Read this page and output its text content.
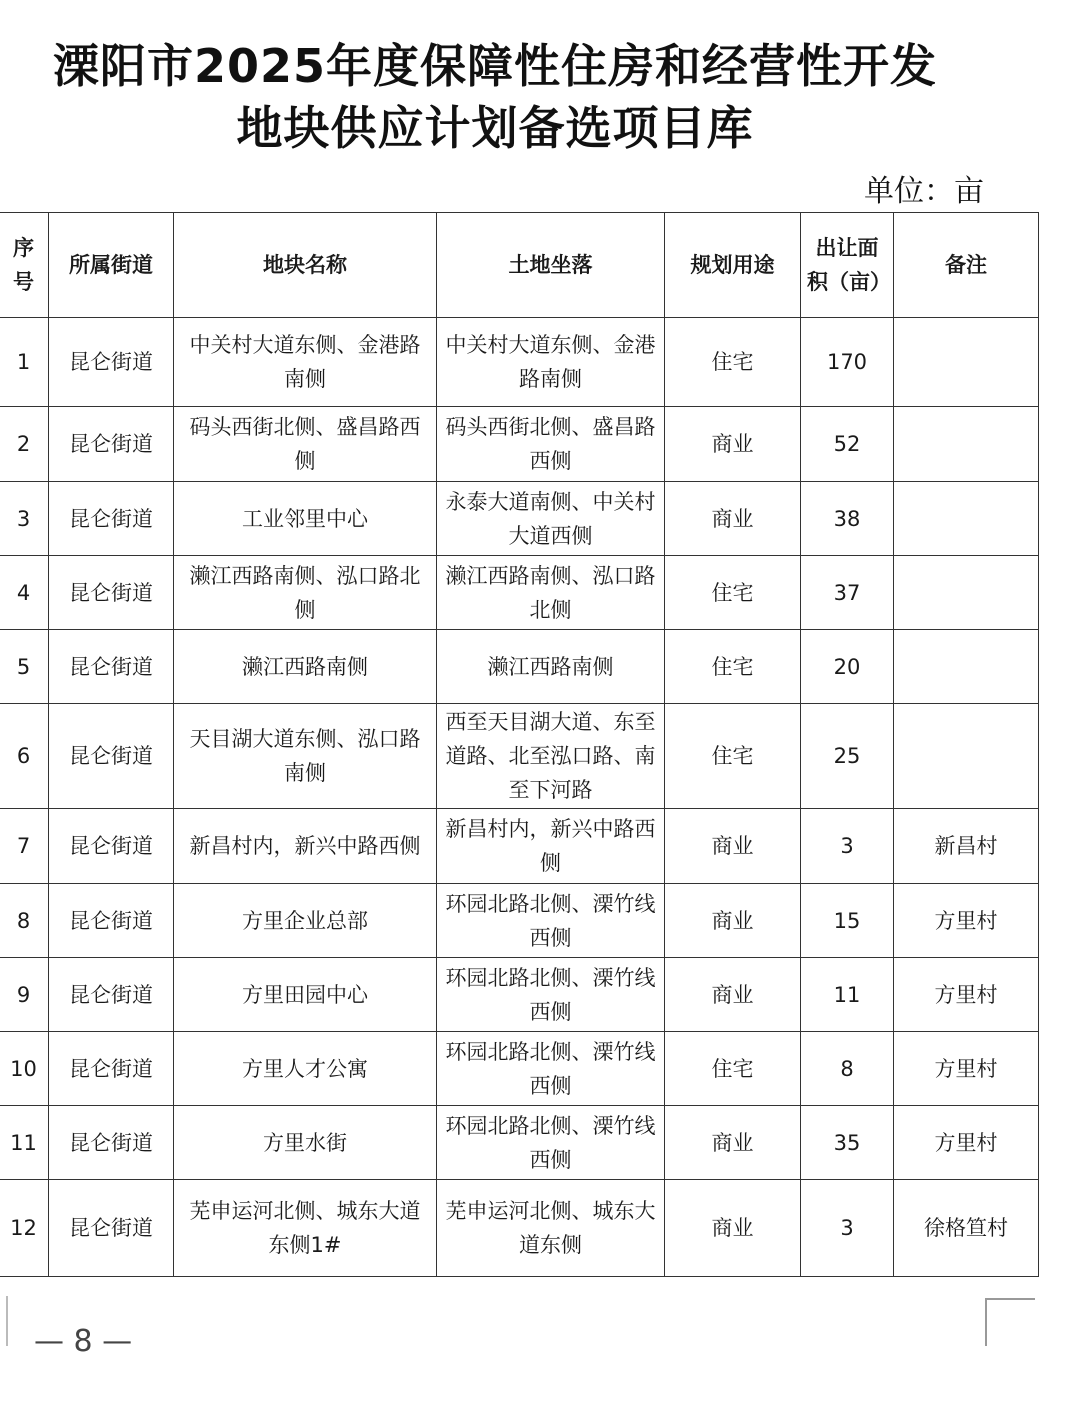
溧阳市2025年度保障性住房和经营性开发
地块供应计划备选项目库
单位：亩
序号	所属街道	地块名称	土地坐落	规划用途	出让面积（亩）	备注
1	昆仑街道	中关村大道东侧、金港路南侧	中关村大道东侧、金港路南侧	住宅	170	
2	昆仑街道	码头西街北侧、盛昌路西侧	码头西街北侧、盛昌路西侧	商业	52	
3	昆仑街道	工业邻里中心	永泰大道南侧、中关村大道西侧	商业	38	
4	昆仑街道	濑江西路南侧、泓口路北侧	濑江西路南侧、泓口路北侧	住宅	37	
5	昆仑街道	濑江西路南侧	濑江西路南侧	住宅	20	
6	昆仑街道	天目湖大道东侧、泓口路南侧	西至天目湖大道、东至道路、北至泓口路、南至下河路	住宅	25	
7	昆仑街道	新昌村内，新兴中路西侧	新昌村内，新兴中路西侧	商业	3	新昌村
8	昆仑街道	方里企业总部	环园北路北侧、溧竹线西侧	商业	15	方里村
9	昆仑街道	方里田园中心	环园北路北侧、溧竹线西侧	商业	11	方里村
10	昆仑街道	方里人才公寓	环园北路北侧、溧竹线西侧	住宅	8	方里村
11	昆仑街道	方里水街	环园北路北侧、溧竹线西侧	商业	35	方里村
12	昆仑街道	芜申运河北侧、城东大道东侧1#	芜申运河北侧、城东大道东侧	商业	3	徐格笪村
— 8 —
